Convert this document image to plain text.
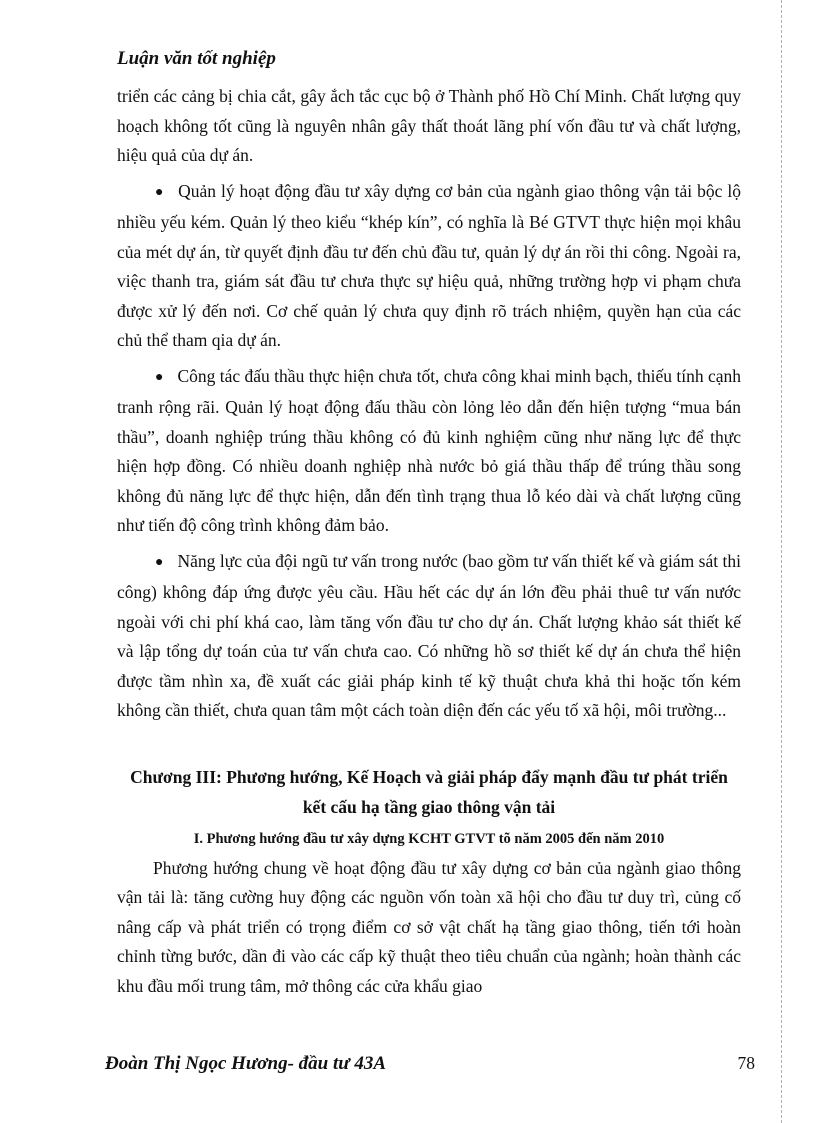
Luận văn tốt nghiệp

triển các cảng bị chia cắt, gây ắch tắc cục bộ ở Thành phố Hồ Chí Minh. Chất lượng quy hoạch không tốt cũng là nguyên nhân gây thất thoát lãng phí vốn đầu tư và chất lượng, hiệu quả của dự án.

● Quản lý hoạt động đầu tư xây dựng cơ bản của ngành giao thông vận tải bộc lộ nhiều yếu kém. Quản lý theo kiểu “khép kín”, có nghĩa là Bé GTVT thực hiện mọi khâu của mét dự án, từ quyết định đầu tư đến chủ đầu tư, quản lý dự án rồi thi công. Ngoài ra, việc thanh tra, giám sát đầu tư chưa thực sự hiệu quả, những trường hợp vi phạm chưa được xử lý đến nơi. Cơ chế quản lý chưa quy định rõ trách nhiệm, quyền hạn của các chủ thể tham qia dự án.

● Công tác đấu thầu thực hiện chưa tốt, chưa công khai minh bạch, thiếu tính cạnh tranh rộng rãi. Quản lý hoạt động đấu thầu còn lỏng lẻo dẫn đến hiện tượng “mua bán thầu”, doanh nghiệp trúng thầu không có đủ kinh nghiệm cũng như năng lực để thực hiện hợp đồng. Có nhiều doanh nghiệp nhà nước bỏ giá thầu thấp để trúng thầu song không đủ năng lực để thực hiện, dẫn đến tình trạng thua lỗ kéo dài và chất lượng cũng như tiến độ công trình không đảm bảo.

● Năng lực của đội ngũ tư vấn trong nước (bao gồm tư vấn thiết kế và giám sát thi công) không đáp ứng được yêu cầu. Hầu hết các dự án lớn đều phải thuê tư vấn nước ngoài với chi phí khá cao, làm tăng vốn đầu tư cho dự án. Chất lượng khảo sát thiết kế và lập tổng dự toán của tư vấn chưa cao. Có những hồ sơ thiết kế dự án chưa thể hiện được tầm nhìn xa, đề xuất các giải pháp kinh tế kỹ thuật chưa khả thi hoặc tốn kém không cần thiết, chưa quan tâm một cách toàn diện đến các yếu tố xã hội, môi trường...

Chương III: Phương hướng, Kế Hoạch và giải pháp đẩy mạnh đầu tư phát triển kết cấu hạ tầng giao thông vận tải
I. Phương hướng đầu tư xây dựng KCHT GTVT tõ năm 2005 đến năm 2010

Phương hướng chung về hoạt động đầu tư xây dựng cơ bản của ngành giao thông vận tải là: tăng cường huy động các nguồn vốn toàn xã hội cho đầu tư duy trì, củng cố nâng cấp và phát triển có trọng điểm cơ sở vật chất hạ tầng giao thông, tiến tới hoàn chỉnh từng bước, dần đi vào các cấp kỹ thuật theo tiêu chuẩn của ngành; hoàn thành các khu đầu mối trung tâm, mở thông các cửa khẩu giao

Đoàn Thị Ngọc Hương- đầu tư 43A	78
